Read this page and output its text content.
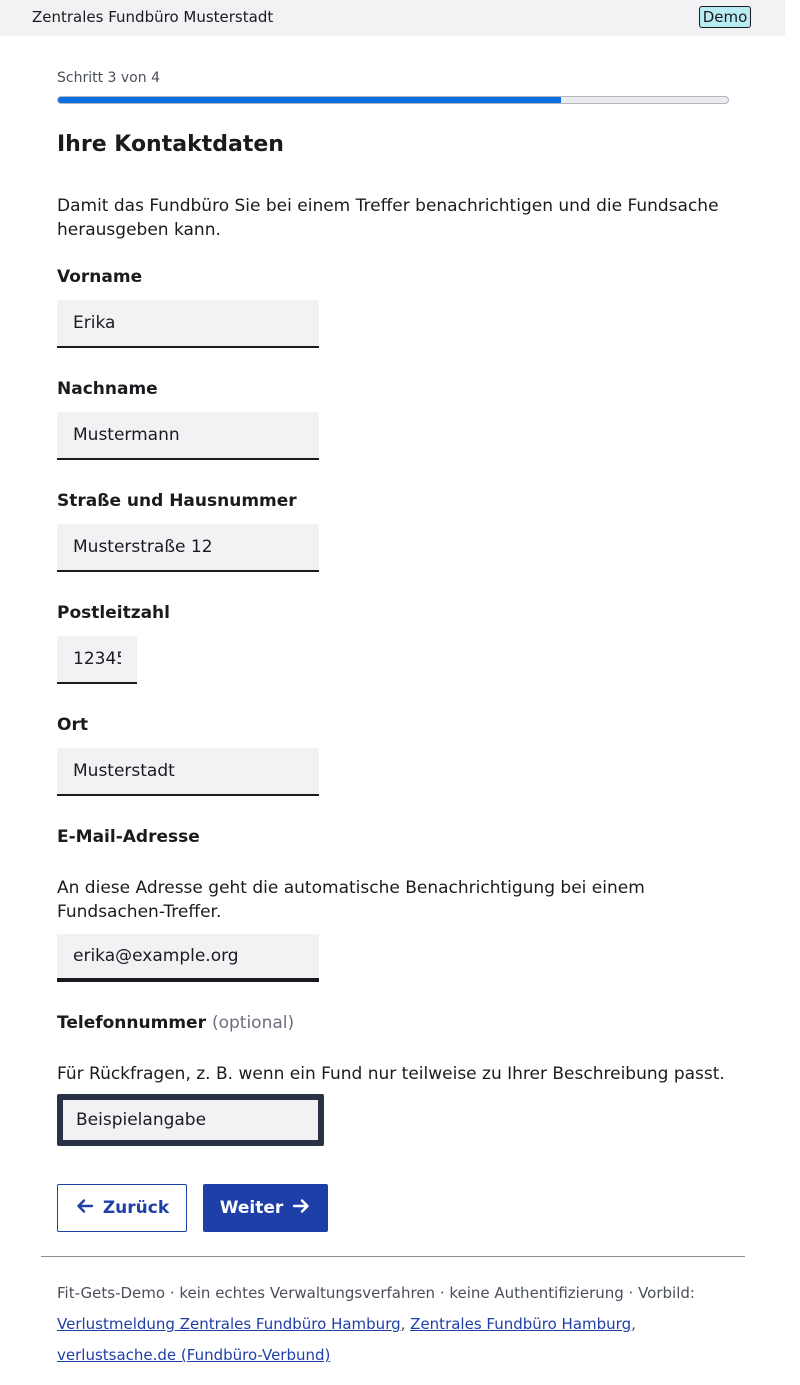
Zentrales Fundbüro Musterstadt	Demo
Schritt 3 von 4
Ihre Kontaktdaten

Damit das Fundbüro Sie bei einem Treffer benachrichtigen und die Fundsache herausgeben kann.

Vorname
Erika
Nachname
Mustermann
Straße und Hausnummer
Musterstraße 12
Postleitzahl
12345
Ort
Musterstadt
E-Mail-Adresse

An diese Adresse geht die automatische Benachrichtigung bei einem Fundsachen-Treffer.

erika@example.org
Telefonnummer (optional)

Für Rückfragen, z. B. wenn ein Fund nur teilweise zu Ihrer Beschreibung passt.

Beispielangabe
Zurück	Weiter

Fit-Gets-Demo · kein echtes Verwaltungsverfahren · keine Authentifizierung · Vorbild:
Verlustmeldung Zentrales Fundbüro Hamburg, Zentrales Fundbüro Hamburg,
verlustsache.de (Fundbüro-Verbund)
